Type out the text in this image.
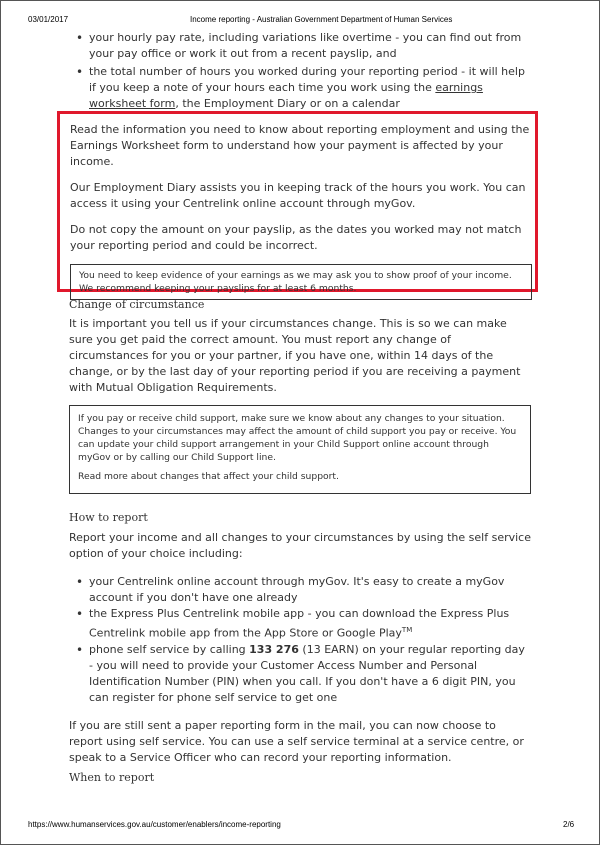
03/01/2017	Income reporting - Australian Government Department of Human Services
• your hourly pay rate, including variations like overtime - you can find out from your pay office or work it out from a recent payslip, and
• the total number of hours you worked during your reporting period - it will help if you keep a note of your hours each time you work using the earnings worksheet form, the Employment Diary or on a calendar

Read the information you need to know about reporting employment and using the Earnings Worksheet form to understand how your payment is affected by your income.

Our Employment Diary assists you in keeping track of the hours you work. You can access it using your Centrelink online account through myGov.

Do not copy the amount on your payslip, as the dates you worked may not match your reporting period and could be incorrect.

You need to keep evidence of your earnings as we may ask you to show proof of your income. We recommend keeping your payslips for at least 6 months.
Change of circumstance

It is important you tell us if your circumstances change. This is so we can make sure you get paid the correct amount. You must report any change of circumstances for you or your partner, if you have one, within 14 days of the change, or by the last day of your reporting period if you are receiving a payment with Mutual Obligation Requirements.

If you pay or receive child support, make sure we know about any changes to your situation. Changes to your circumstances may affect the amount of child support you pay or receive. You can update your child support arrangement in your Child Support online account through myGov or by calling our Child Support line.

Read more about changes that affect your child support.

How to report

Report your income and all changes to your circumstances by using the self service option of your choice including:

• your Centrelink online account through myGov. It's easy to create a myGov account if you don't have one already
• the Express Plus Centrelink mobile app - you can download the Express Plus Centrelink mobile app from the App Store or Google Play™
• phone self service by calling 133 276 (13 EARN) on your regular reporting day - you will need to provide your Customer Access Number and Personal Identification Number (PIN) when you call. If you don't have a 6 digit PIN, you can register for phone self service to get one

If you are still sent a paper reporting form in the mail, you can now choose to report using self service. You can use a self service terminal at a service centre, or speak to a Service Officer who can record your reporting information.

When to report
https://www.humanservices.gov.au/customer/enablers/income-reporting	2/6
